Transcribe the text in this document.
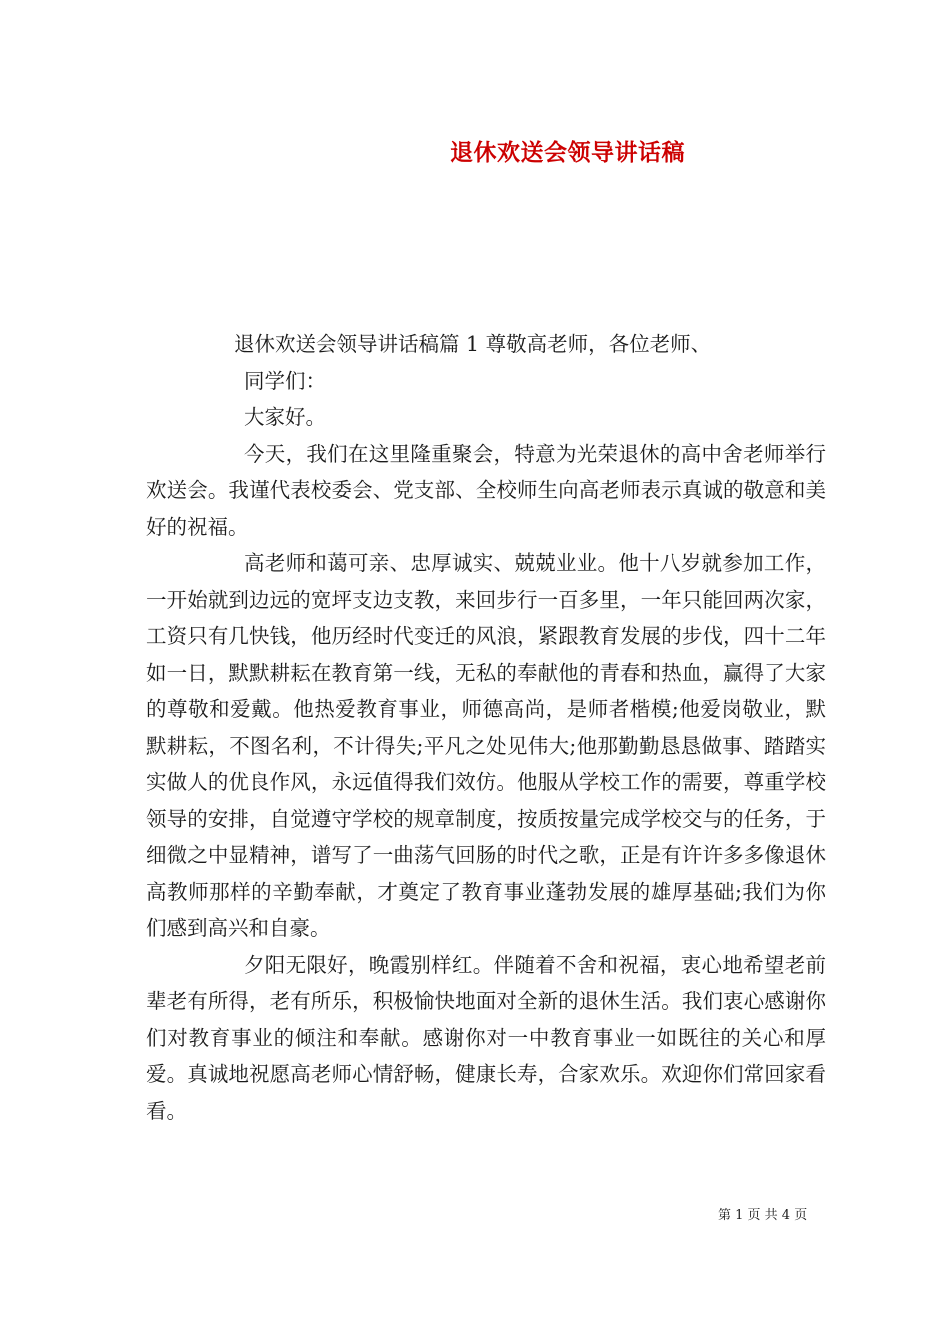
退休欢送会领导讲话稿

退休欢送会领导讲话稿篇 1 尊敬高老师，各位老师、

同学们：

大家好。

今天，我们在这里隆重聚会，特意为光荣退休的高中舍老师举行欢送会。我谨代表校委会、党支部、全校师生向高老师表示真诚的敬意和美好的祝福。

高老师和蔼可亲、忠厚诚实、兢兢业业。他十八岁就参加工作，一开始就到边远的宽坪支边支教，来回步行一百多里，一年只能回两次家，工资只有几快钱，他历经时代变迁的风浪，紧跟教育发展的步伐，四十二年如一日，默默耕耘在教育第一线，无私的奉献他的青春和热血，赢得了大家的尊敬和爱戴。他热爱教育事业，师德高尚，是师者楷模;他爱岗敬业，默默耕耘，不图名利，不计得失;平凡之处见伟大;他那勤勤恳恳做事、踏踏实实做人的优良作风，永远值得我们效仿。他服从学校工作的需要，尊重学校领导的安排，自觉遵守学校的规章制度，按质按量完成学校交与的任务，于细微之中显精神，谱写了一曲荡气回肠的时代之歌，正是有许许多多像退休高教师那样的辛勤奉献，才奠定了教育事业蓬勃发展的雄厚基础;我们为你们感到高兴和自豪。

夕阳无限好，晚霞别样红。伴随着不舍和祝福，衷心地希望老前辈老有所得，老有所乐，积极愉快地面对全新的退休生活。我们衷心感谢你们对教育事业的倾注和奉献。感谢你对一中教育事业一如既往的关心和厚爱。真诚地祝愿高老师心情舒畅，健康长寿，合家欢乐。欢迎你们常回家看看。

第 1 页 共 4 页
